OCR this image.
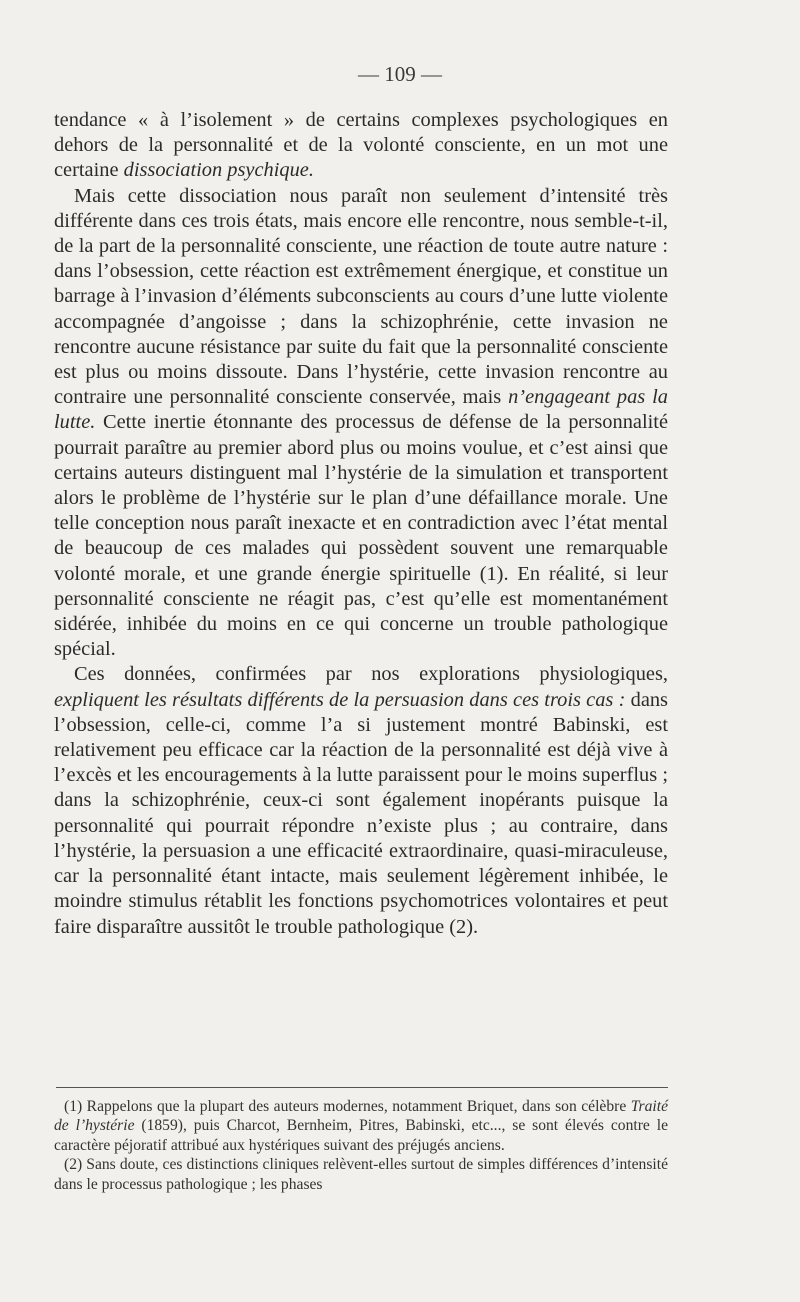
— 109 —

tendance « à l’isolement » de certains complexes psychologiques en dehors de la personnalité et de la volonté consciente, en un mot une certaine dissociation psychique.

Mais cette dissociation nous paraît non seulement d’intensité très différente dans ces trois états, mais encore elle rencontre, nous semble-t-il, de la part de la personnalité consciente, une réaction de toute autre nature : dans l’obsession, cette réaction est extrêmement énergique, et constitue un barrage à l’invasion d’éléments subconscients au cours d’une lutte violente accompagnée d’angoisse ; dans la schizophrénie, cette invasion ne rencontre aucune résistance par suite du fait que la personnalité consciente est plus ou moins dissoute. Dans l’hystérie, cette invasion rencontre au contraire une personnalité consciente conservée, mais n’engageant pas la lutte. Cette inertie étonnante des processus de défense de la personnalité pourrait paraître au premier abord plus ou moins voulue, et c’est ainsi que certains auteurs distinguent mal l’hystérie de la simulation et transportent alors le problème de l’hystérie sur le plan d’une défaillance morale. Une telle conception nous paraît inexacte et en contradiction avec l’état mental de beaucoup de ces malades qui possèdent souvent une remarquable volonté morale, et une grande énergie spirituelle (1). En réalité, si leur personnalité consciente ne réagit pas, c’est qu’elle est momentanément sidérée, inhibée du moins en ce qui concerne un trouble pathologique spécial.

Ces données, confirmées par nos explorations physiologiques, expliquent les résultats différents de la persuasion dans ces trois cas : dans l’obsession, celle-ci, comme l’a si justement montré Babinski, est relativement peu efficace car la réaction de la personnalité est déjà vive à l’excès et les encouragements à la lutte paraissent pour le moins superflus ; dans la schizophrénie, ceux-ci sont également inopérants puisque la personnalité qui pourrait répondre n’existe plus ; au contraire, dans l’hystérie, la persuasion a une efficacité extraordinaire, quasi-miraculeuse, car la personnalité étant intacte, mais seulement légèrement inhibée, le moindre stimulus rétablit les fonctions psychomotrices volontaires et peut faire disparaître aussitôt le trouble pathologique (2).

(1) Rappelons que la plupart des auteurs modernes, notamment Briquet, dans son célèbre Traité de l’hystérie (1859), puis Charcot, Bernheim, Pitres, Babinski, etc..., se sont élevés contre le caractère péjoratif attribué aux hystériques suivant des préjugés anciens.

(2) Sans doute, ces distinctions cliniques relèvent-elles surtout de simples différences d’intensité dans le processus pathologique ; les phases
